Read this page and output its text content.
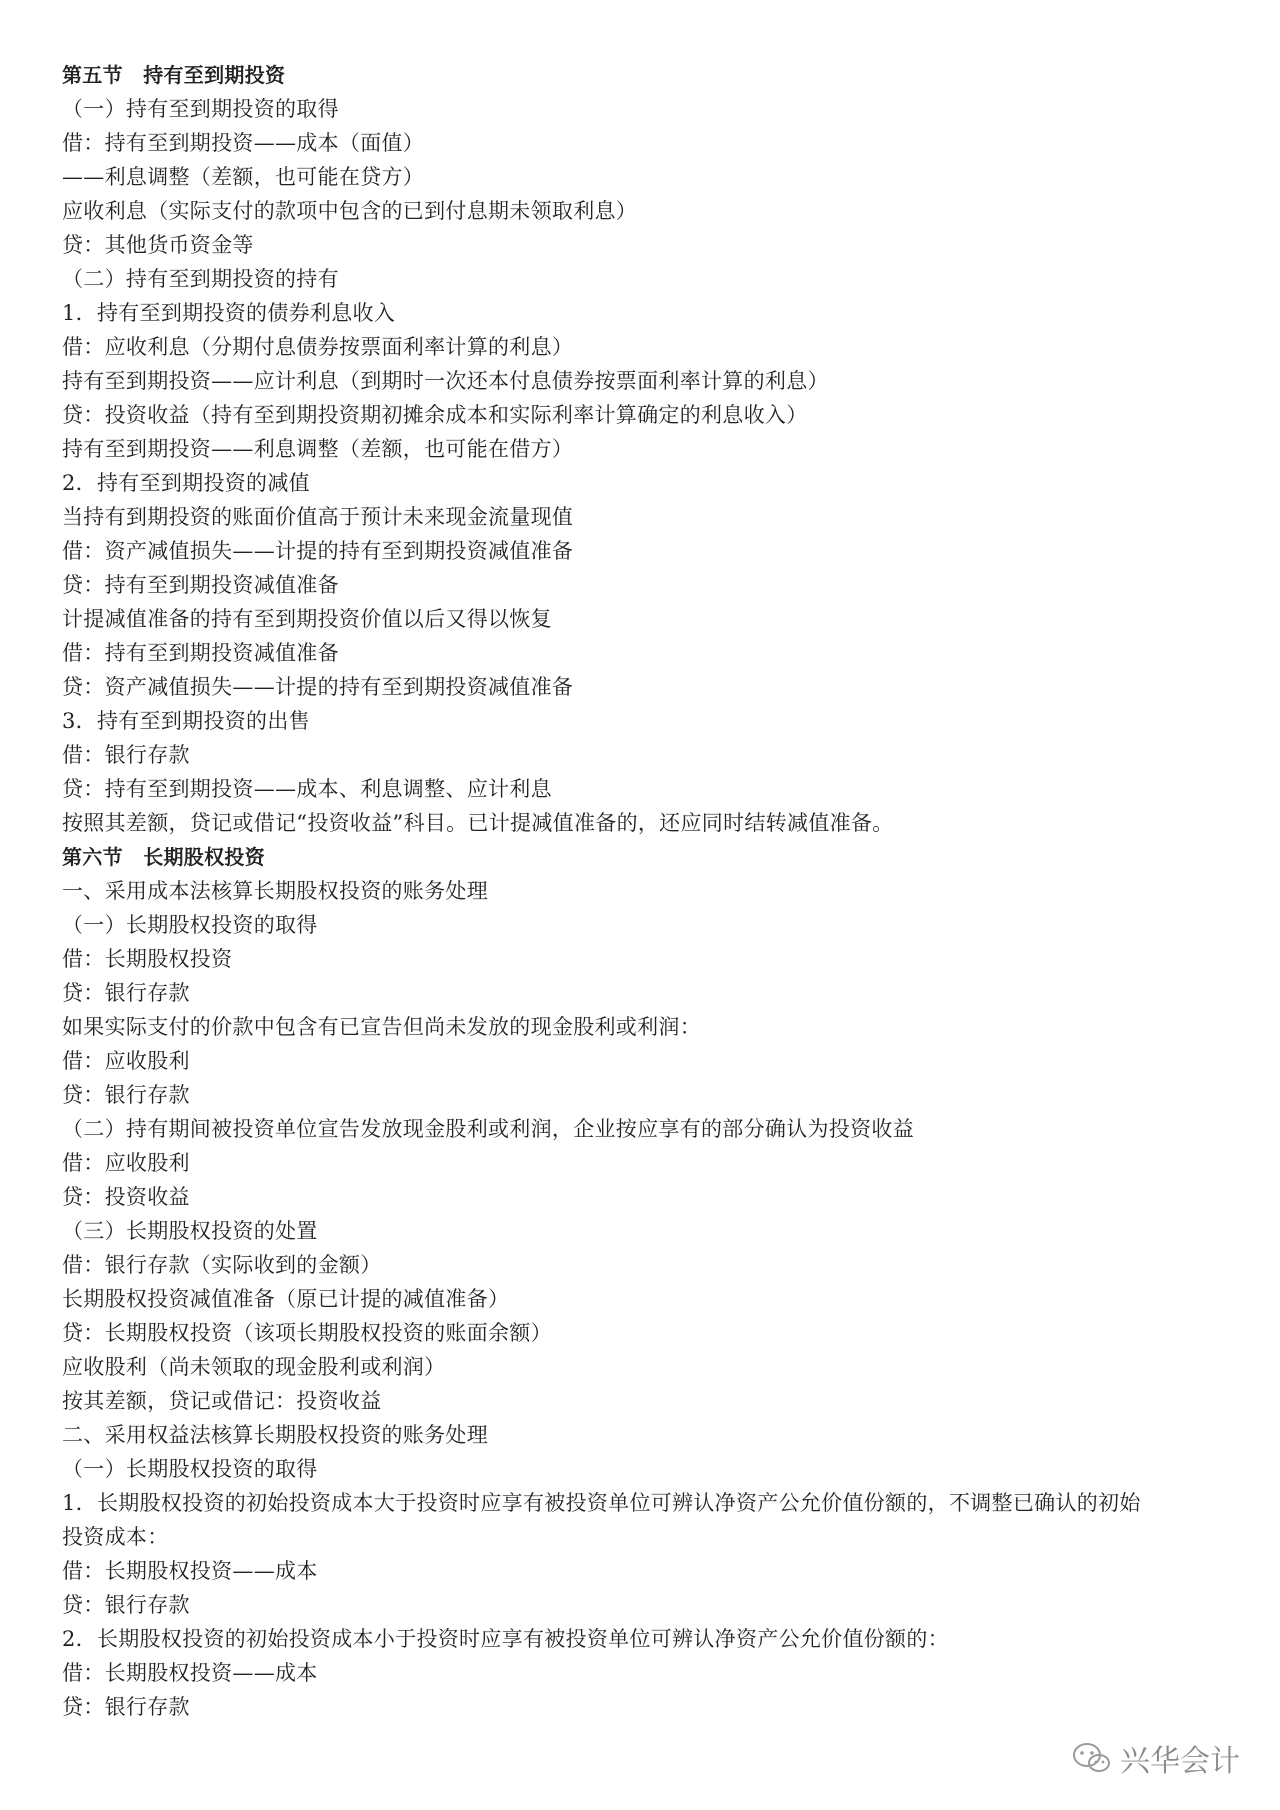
第五节　持有至到期投资
（一）持有至到期投资的取得
借：持有至到期投资——成本（面值）
——利息调整（差额，也可能在贷方）
应收利息（实际支付的款项中包含的已到付息期未领取利息）
贷：其他货币资金等
（二）持有至到期投资的持有
1．持有至到期投资的债券利息收入
借：应收利息（分期付息债券按票面利率计算的利息）
持有至到期投资——应计利息（到期时一次还本付息债券按票面利率计算的利息）
贷：投资收益（持有至到期投资期初摊余成本和实际利率计算确定的利息收入）
持有至到期投资——利息调整（差额，也可能在借方）
2．持有至到期投资的减值
当持有到期投资的账面价值高于预计未来现金流量现值
借：资产减值损失——计提的持有至到期投资减值准备
贷：持有至到期投资减值准备
计提减值准备的持有至到期投资价值以后又得以恢复
借：持有至到期投资减值准备
贷：资产减值损失——计提的持有至到期投资减值准备
3．持有至到期投资的出售
借：银行存款
贷：持有至到期投资——成本、利息调整、应计利息
按照其差额，贷记或借记“投资收益”科目。已计提减值准备的，还应同时结转减值准备。
第六节　长期股权投资
一、采用成本法核算长期股权投资的账务处理
（一）长期股权投资的取得
借：长期股权投资
贷：银行存款
如果实际支付的价款中包含有已宣告但尚未发放的现金股利或利润：
借：应收股利
贷：银行存款
（二）持有期间被投资单位宣告发放现金股利或利润，企业按应享有的部分确认为投资收益
借：应收股利
贷：投资收益
（三）长期股权投资的处置
借：银行存款（实际收到的金额）
长期股权投资减值准备（原已计提的减值准备）
贷：长期股权投资（该项长期股权投资的账面余额）
应收股利（尚未领取的现金股利或利润）
按其差额，贷记或借记：投资收益
二、采用权益法核算长期股权投资的账务处理
（一）长期股权投资的取得
1．长期股权投资的初始投资成本大于投资时应享有被投资单位可辨认净资产公允价值份额的，不调整已确认的初始
投资成本：
借：长期股权投资——成本
贷：银行存款
2．长期股权投资的初始投资成本小于投资时应享有被投资单位可辨认净资产公允价值份额的：
借：长期股权投资——成本
贷：银行存款
兴华会计
